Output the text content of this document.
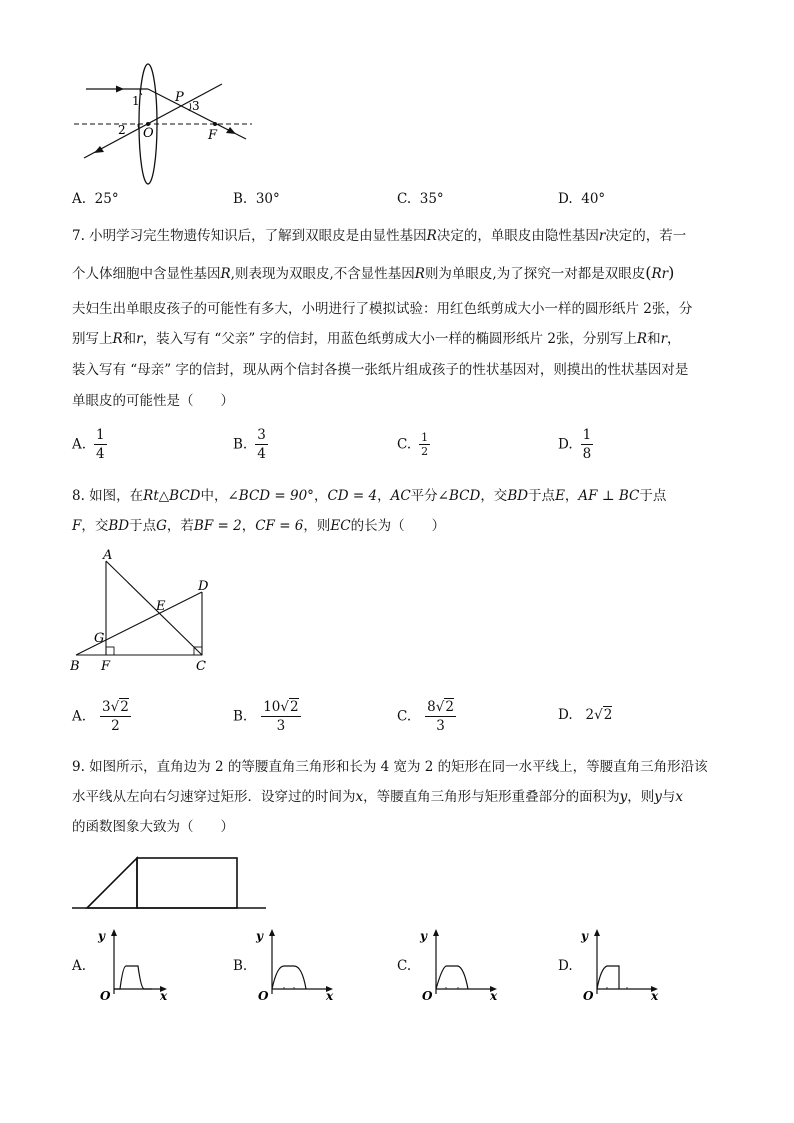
1
2
3
P
O	F
A. 25°	B. 30°	C. 35°	D. 40°
7. 小明学习完生物遗传知识后，了解到双眼皮是由显性基因R决定的，单眼皮由隐性基因r决定的，若一
个人体细胞中含显性基因R,则表现为双眼皮,不含显性基因R则为单眼皮,为了探究一对都是双眼皮(Rr)
夫妇生出单眼皮孩子的可能性有多大，小明进行了模拟试验：用红色纸剪成大小一样的圆形纸片 2张，分
别写上R和r，装入写有 “父亲” 字的信封，用蓝色纸剪成大小一样的椭圆形纸片 2张，分别写上R和r，
装入写有 “母亲” 字的信封，现从两个信封各摸一张纸片组成孩子的性状基因对，则摸出的性状基因对是
单眼皮的可能性是（　　）
A. $\frac{1}{4}$	B. $\frac{3}{4}$	C. $\frac{1}{2}$	D. $\frac{1}{8}$
8. 如图，在Rt△BCD中，∠BCD = 90°，CD = 4，AC平分∠BCD，交BD于点E，AF ⊥ BC于点
F，交BD于点G，若BF = 2，CF = 6，则EC的长为（　　）
A
B	C
D
E
F
G
A. $\frac{3√2}{2}$	B. $\frac{10√2}{3}$	C. $\frac{8√2}{3}$	D. 2√2
9. 如图所示，直角边为 2 的等腰直角三角形和长为 4 宽为 2 的矩形在同一水平线上，等腰直角三角形沿该
水平线从左向右匀速穿过矩形．设穿过的时间为x，等腰直角三角形与矩形重叠部分的面积为y，则y与x
的函数图象大致为（　　）
A.
y
O	x
B.
y
O	x
C.
y
O	x
D.
y
O	x
